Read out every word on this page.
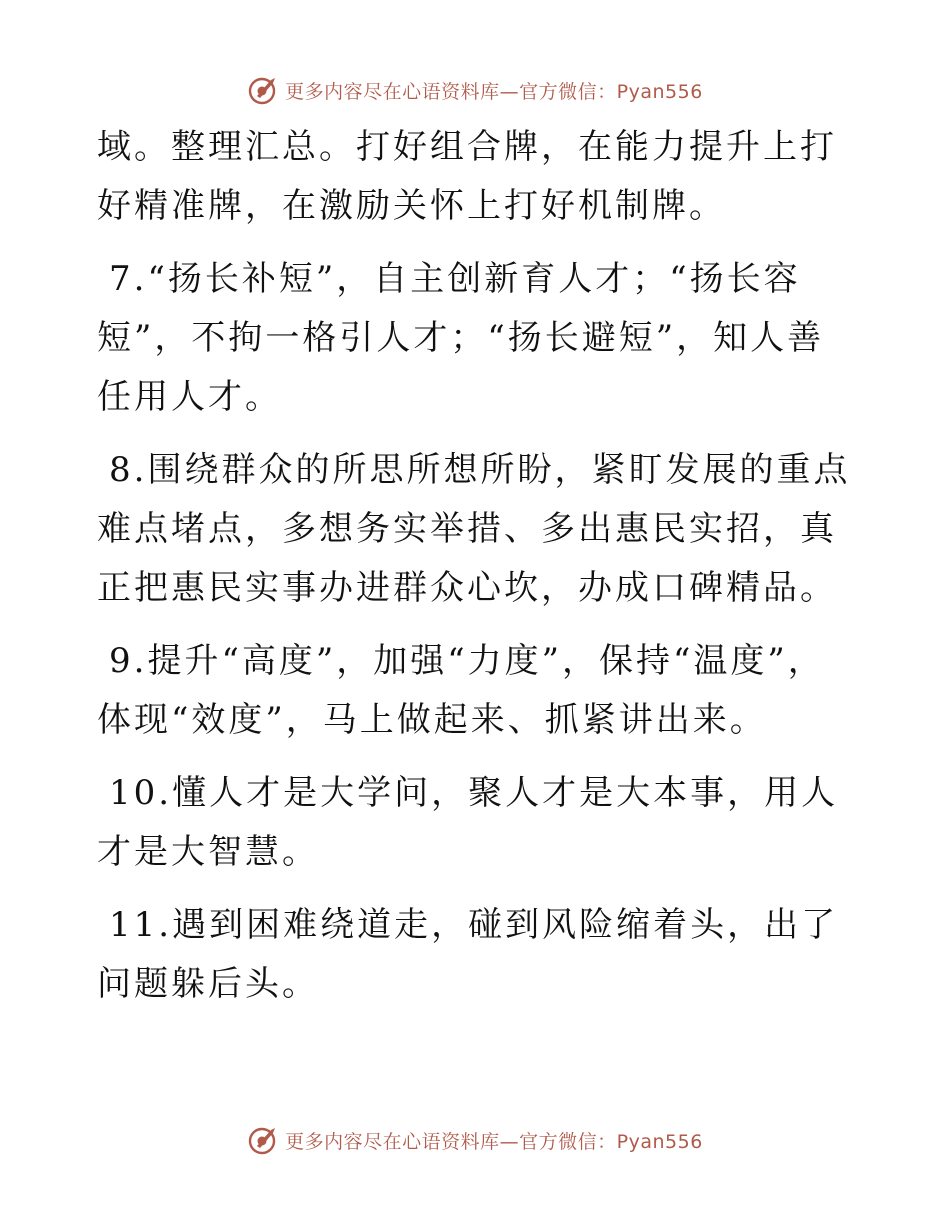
更多内容尽在心语资料库—官方微信：Pyan556

域。整理汇总。打好组合牌，在能力提升上打好精准牌，在激励关怀上打好机制牌。

7.“扬长补短”，自主创新育人才；“扬长容短”，不拘一格引人才；“扬长避短”，知人善任用人才。

8.围绕群众的所思所想所盼，紧盯发展的重点难点堵点，多想务实举措、多出惠民实招，真正把惠民实事办进群众心坎，办成口碑精品。

9.提升“高度”，加强“力度”，保持“温度”，体现“效度”，马上做起来、抓紧讲出来。

10.懂人才是大学问，聚人才是大本事，用人才是大智慧。

11.遇到困难绕道走，碰到风险缩着头，出了问题躲后头。

更多内容尽在心语资料库—官方微信：Pyan556
